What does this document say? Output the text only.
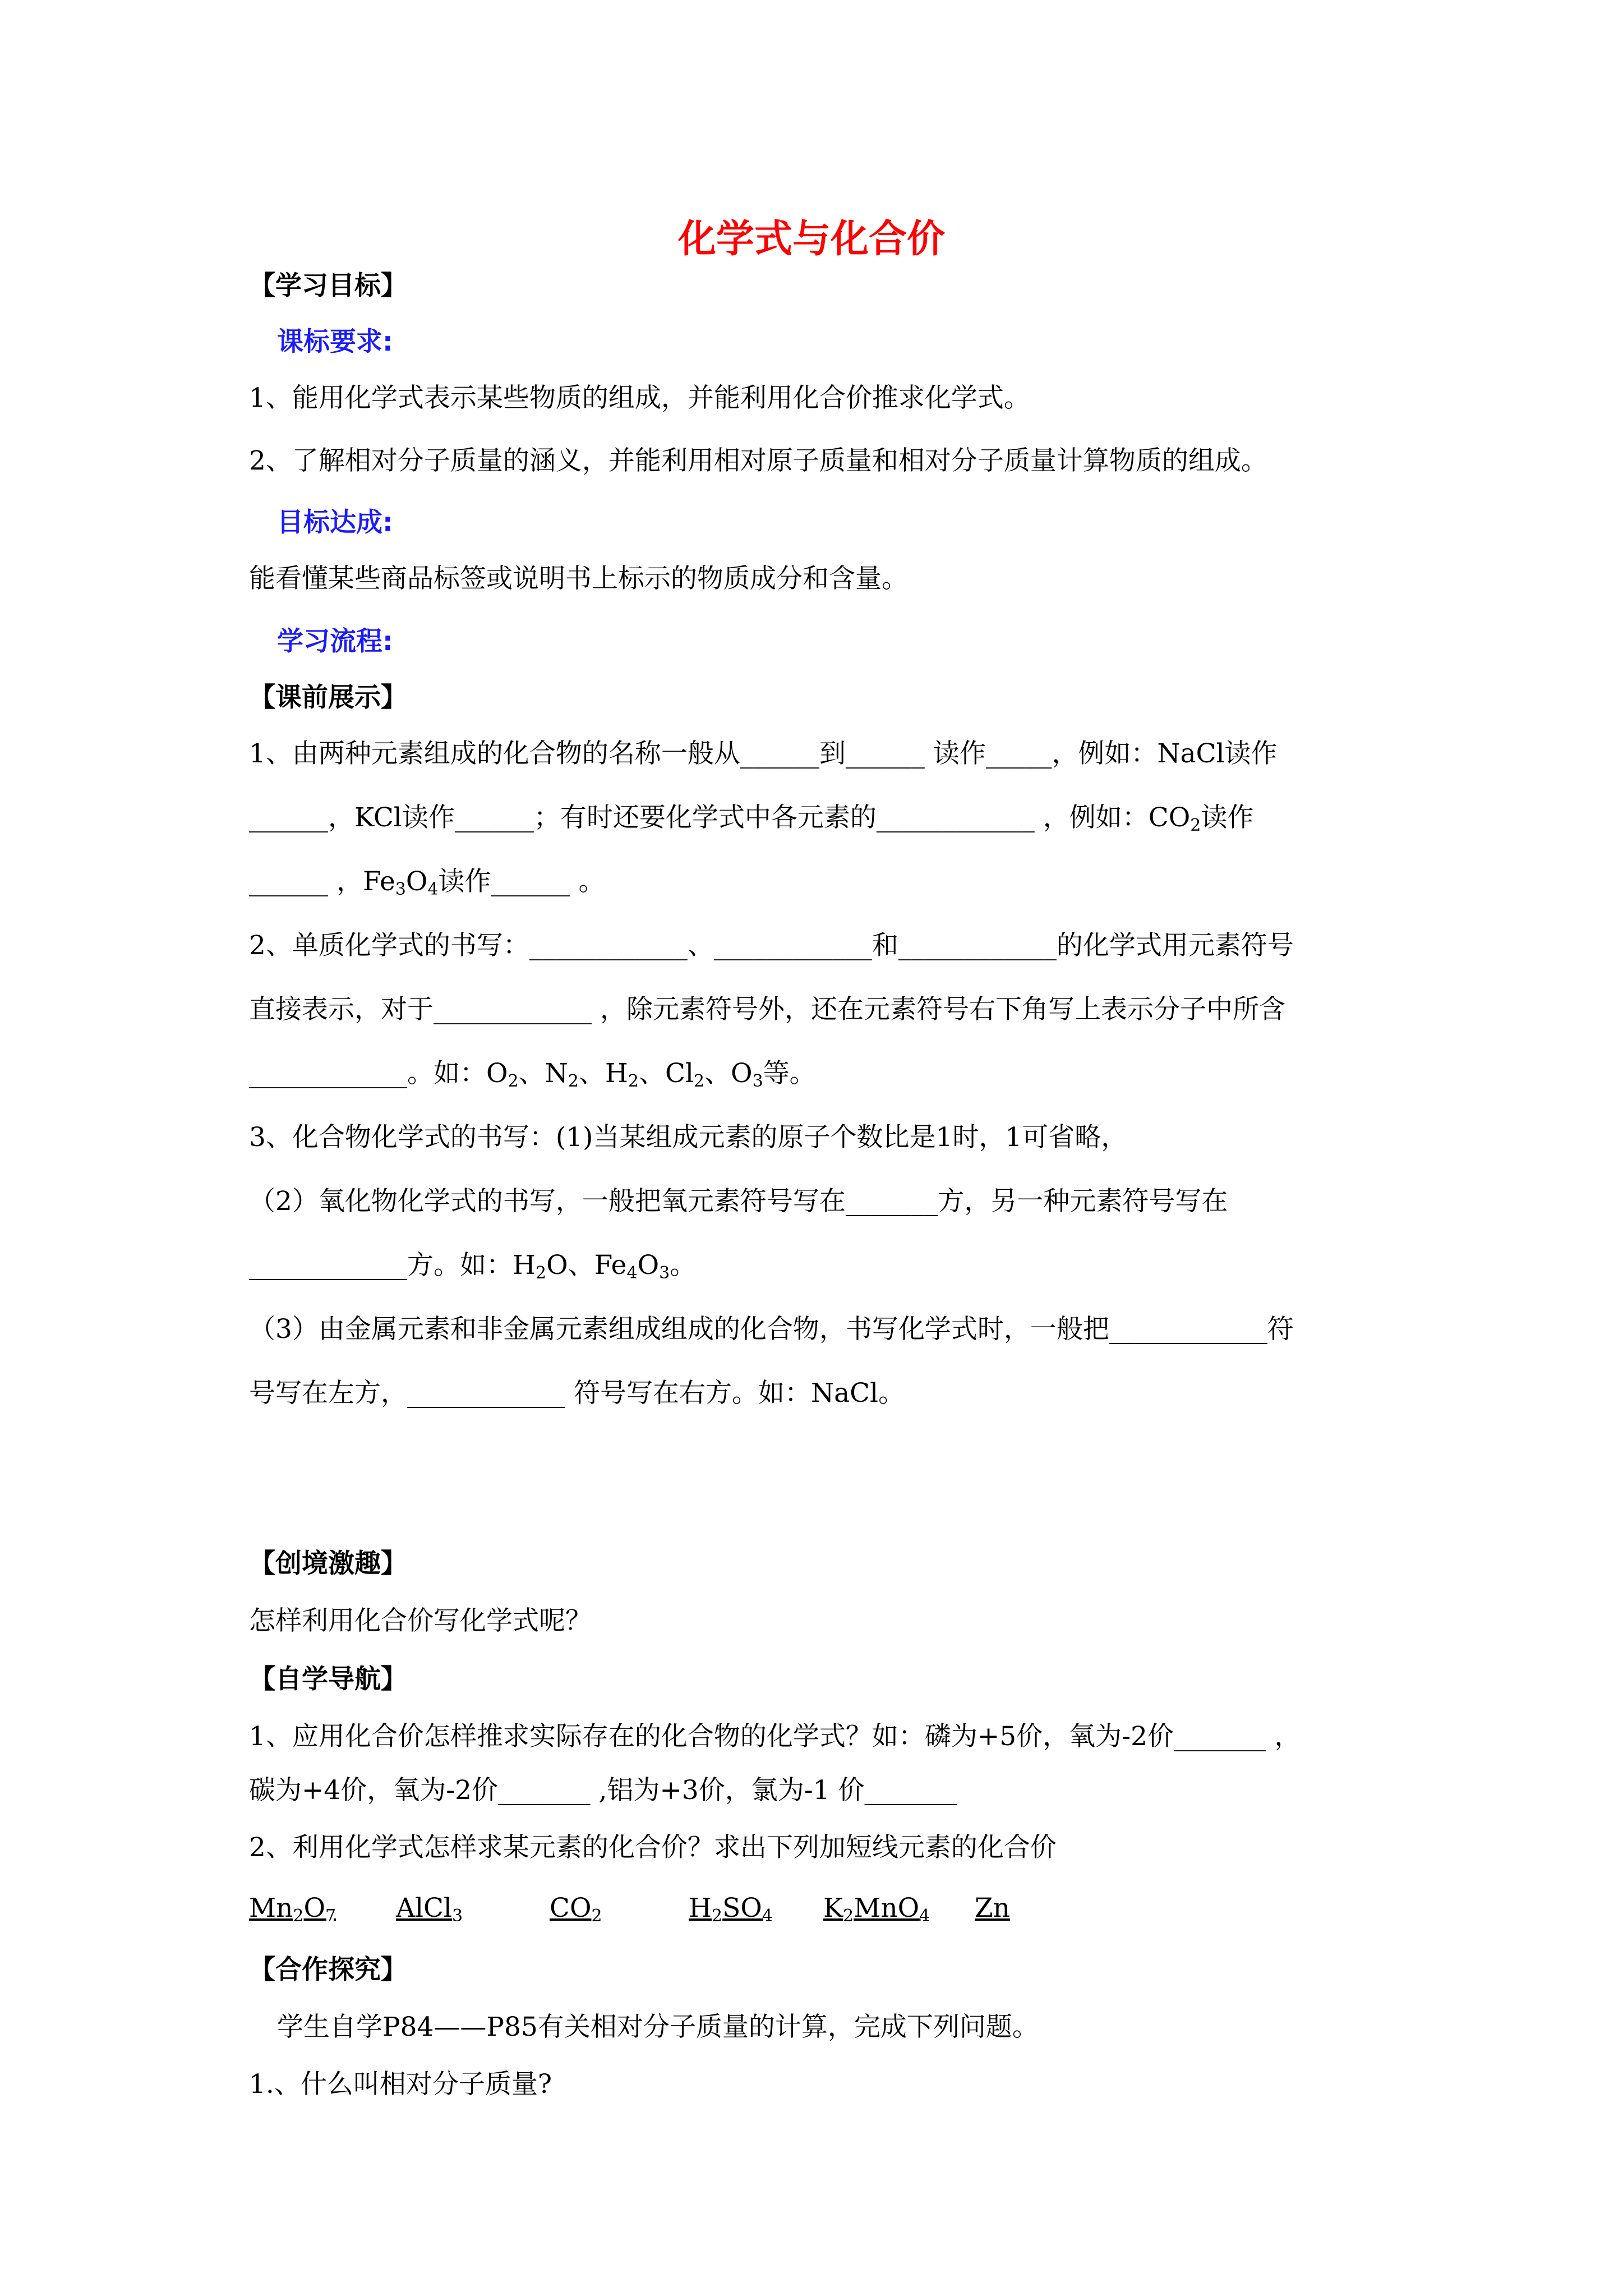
化学式与化合价
【学习目标】
课标要求:
1、能用化学式表示某些物质的组成，并能利用化合价推求化学式。
2、了解相对分子质量的涵义，并能利用相对原子质量和相对分子质量计算物质的组成。
目标达成:
能看懂某些商品标签或说明书上标示的物质成分和含量。
学习流程:
【课前展示】
1、由两种元素组成的化合物的名称一般从______到______ 读作_____，例如：NaCl读作
______，KCl读作______；有时还要化学式中各元素的____________ ，例如：$CO_2$读作
______ ，$Fe_3O_4$读作______ 。
2、单质化学式的书写：____________、____________和____________的化学式用元素符号
直接表示，对于____________ ，除元素符号外，还在元素符号右下角写上表示分子中所含
____________。如：$O_2$、$N_2$、$H_2$、$Cl_2$、$O_3$等。
3、化合物化学式的书写：(1)当某组成元素的原子个数比是1时，1可省略，
（2）氧化物化学式的书写，一般把氧元素符号写在_______方，另一种元素符号写在
____________方。如：$H_2O$、$Fe_4O_3$。
（3）由金属元素和非金属元素组成组成的化合物，书写化学式时，一般把____________符
号写在左方，____________ 符号写在右方。如：NaCl。
【创境激趣】
怎样利用化合价写化学式呢？
【自学导航】
1、应用化合价怎样推求实际存在的化合物的化学式？如：磷为+5价，氧为-2价_______ ，
碳为+4价，氧为-2价_______ ,铝为+3价，氯为-1 价_______
2、利用化学式怎样求某元素的化合价？求出下列加短线元素的化合价
$Mn_2O_7$ AlCl$_3$	$CO_2$	$H_2SO_4$ $K_2MnO_4$ Zn
【合作探究】
学生自学P84——P85有关相对分子质量的计算，完成下列问题。
1.、什么叫相对分子质量?
